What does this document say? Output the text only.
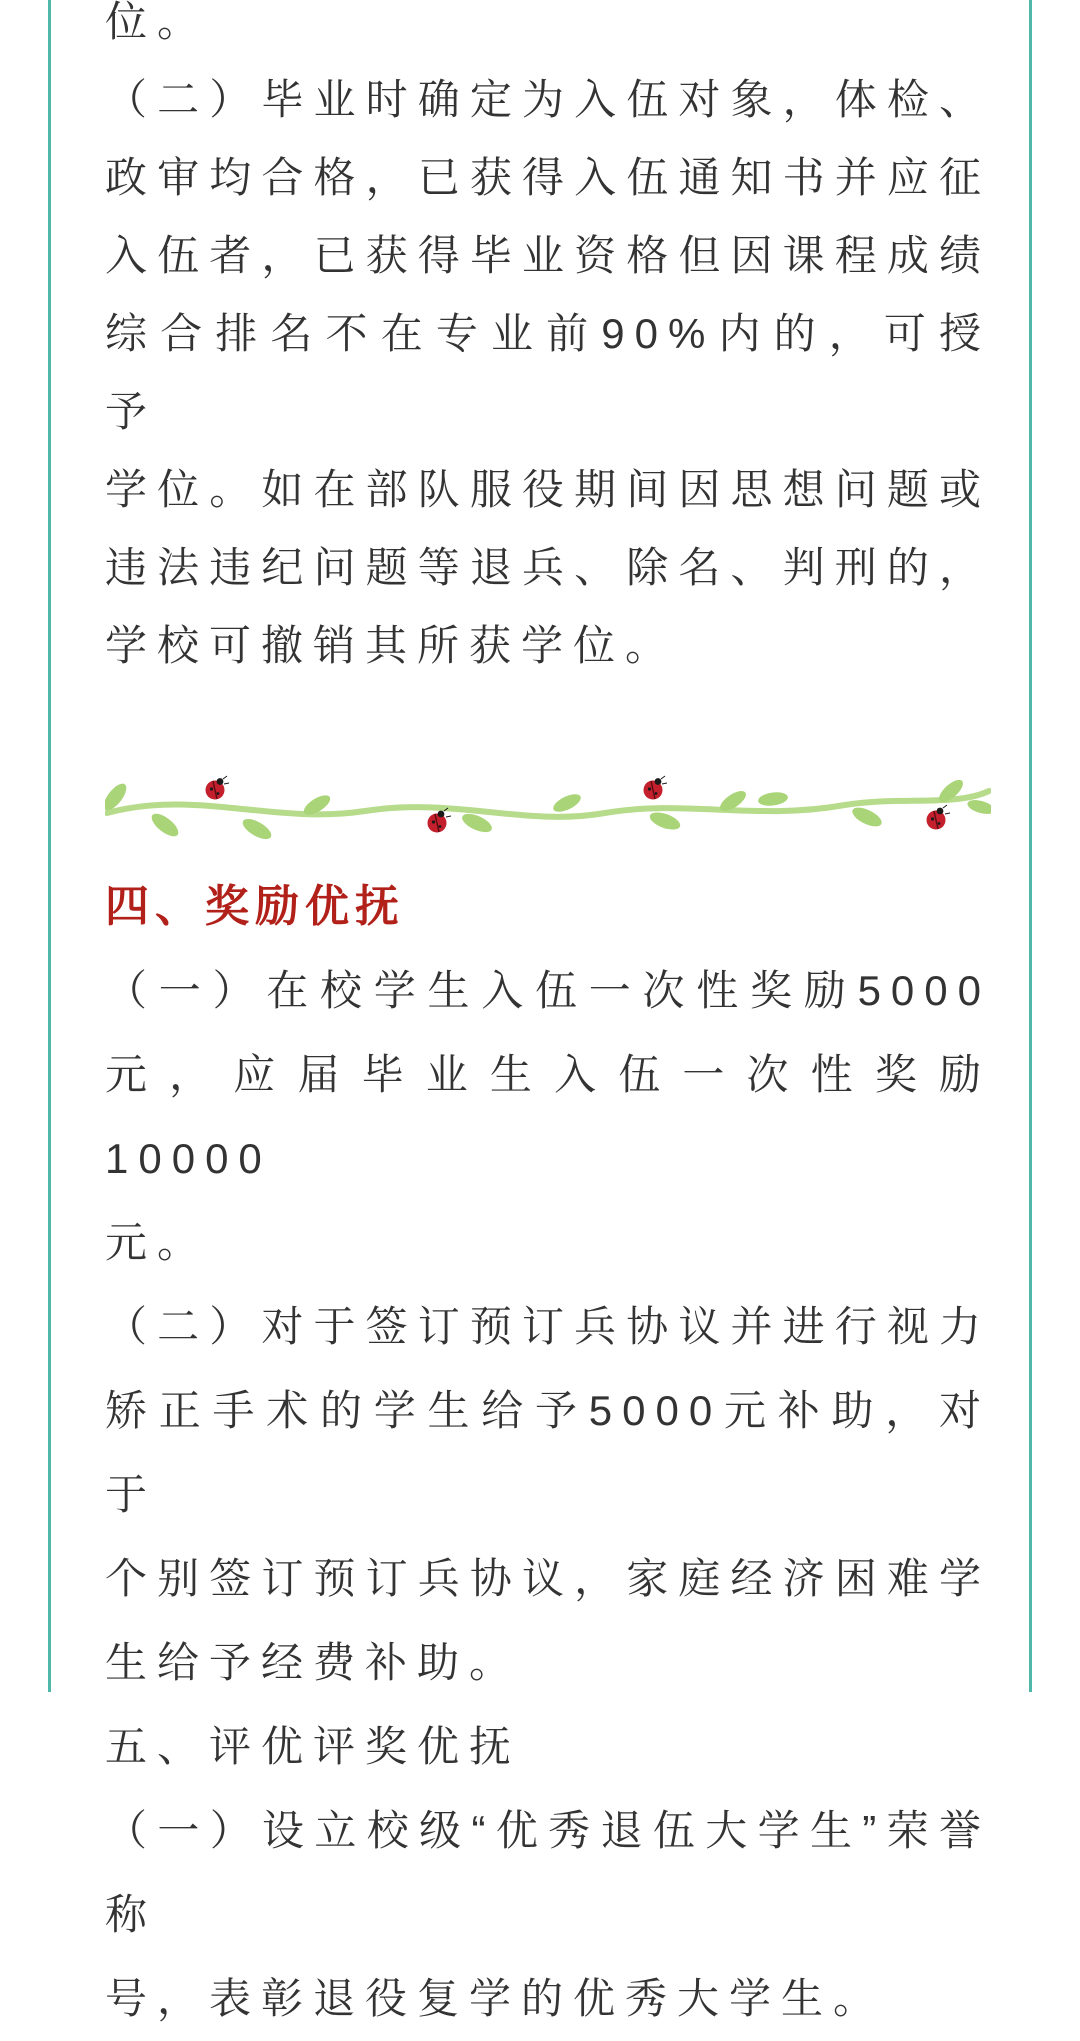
位。
（二）毕业时确定为入伍对象，体检、
政审均合格，已获得入伍通知书并应征
入伍者，已获得毕业资格但因课程成绩
综合排名不在专业前90%内的，可授予
学位。如在部队服役期间因思想问题或
违法违纪问题等退兵、除名、判刑的，
学校可撤销其所获学位。
四、奖励优抚
（一）在校学生入伍一次性奖励5000
元，应届毕业生入伍一次性奖励10000
元。
（二）对于签订预订兵协议并进行视力
矫正手术的学生给予5000元补助，对于
个别签订预订兵协议，家庭经济困难学
生给予经费补助。
五、评优评奖优抚
（一）设立校级“优秀退伍大学生”荣誉称
号，表彰退役复学的优秀大学生。
